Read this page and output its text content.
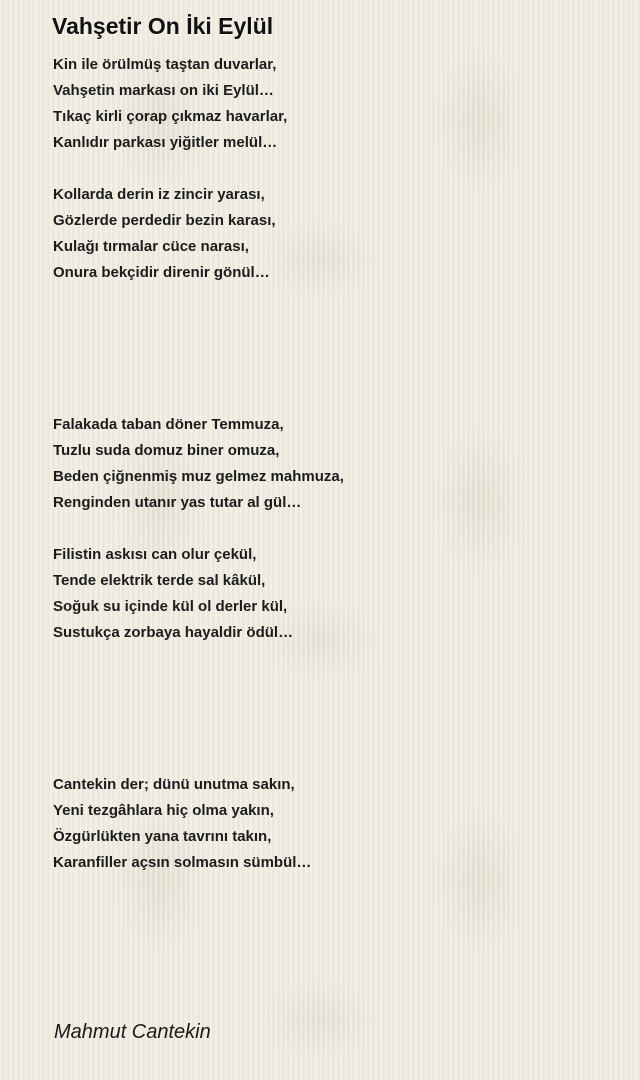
Vahşetir On İki Eylül
Kin ile örülmüş taştan duvarlar,
Vahşetin markası on iki Eylül…
Tıkaç kirli çorap çıkmaz havarlar,
Kanlıdır parkası yiğitler melül…
Kollarda derin iz zincir yarası,
Gözlerde perdedir bezin karası,
Kulağı tırmalar cüce narası,
Onura bekçidir direnir gönül…
Falakada taban döner Temmuza,
Tuzlu suda domuz biner omuza,
Beden çiğnenmiş muz gelmez mahmuza,
Renginden utanır yas tutar al gül…
Filistin askısı can olur çekül,
Tende elektrik terde sal kâkül,
Soğuk su içinde kül ol derler kül,
Sustukça zorbaya hayaldir ödül…
Cantekin der; dünü unutma sakın,
Yeni tezgâhlara hiç olma yakın,
Özgürlükten yana tavrını takın,
Karanfiller açsın solmasın sümbül…

Mahmut Cantekin
